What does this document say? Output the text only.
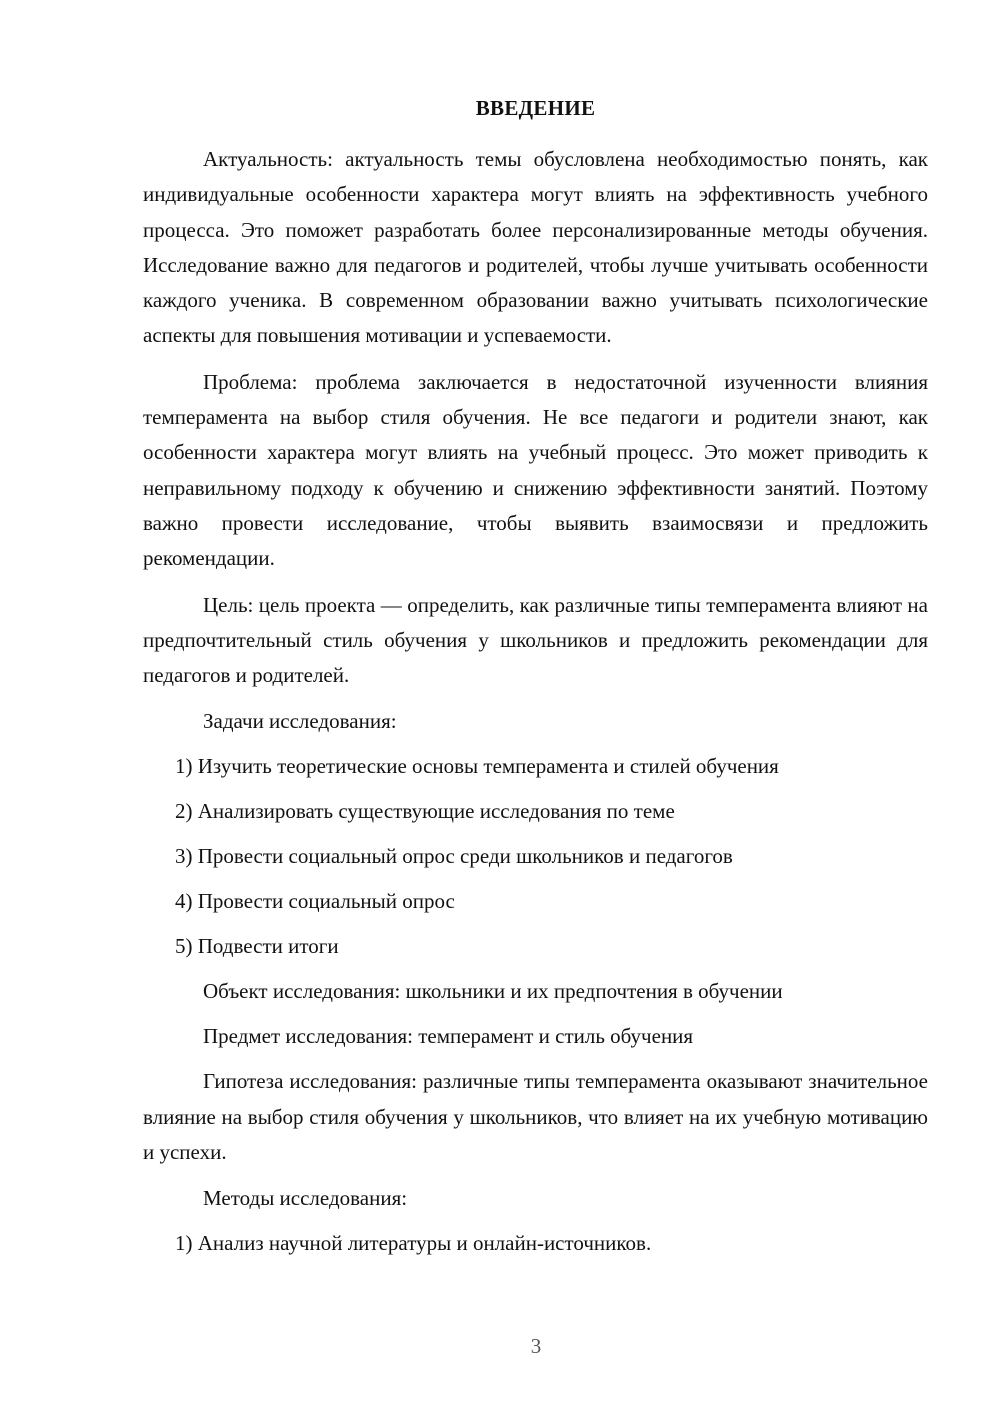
ВВЕДЕНИЕ

Актуальность: актуальность темы обусловлена необходимостью понять, как индивидуальные особенности характера могут влиять на эффективность учебного процесса. Это поможет разработать более персонализированные методы обучения. Исследование важно для педагогов и родителей, чтобы лучше учитывать особенности каждого ученика. В современном образовании важно учитывать психологические аспекты для повышения мотивации и успеваемости.

Проблема: проблема заключается в недостаточной изученности влияния темперамента на выбор стиля обучения. Не все педагоги и родители знают, как особенности характера могут влиять на учебный процесс. Это может приводить к неправильному подходу к обучению и снижению эффективности занятий. Поэтому важно провести исследование, чтобы выявить взаимосвязи и предложить рекомендации.

Цель: цель проекта — определить, как различные типы темперамента влияют на предпочтительный стиль обучения у школьников и предложить рекомендации для педагогов и родителей.

Задачи исследования:

1) Изучить теоретические основы темперамента и стилей обучения
2) Анализировать существующие исследования по теме
3) Провести социальный опрос среди школьников и педагогов
4) Провести социальный опрос
5) Подвести итоги

Объект исследования: школьники и их предпочтения в обучении

Предмет исследования: темперамент и стиль обучения

Гипотеза исследования: различные типы темперамента оказывают значительное влияние на выбор стиля обучения у школьников, что влияет на их учебную мотивацию и успехи.

Методы исследования:

1) Анализ научной литературы и онлайн-источников.
3
